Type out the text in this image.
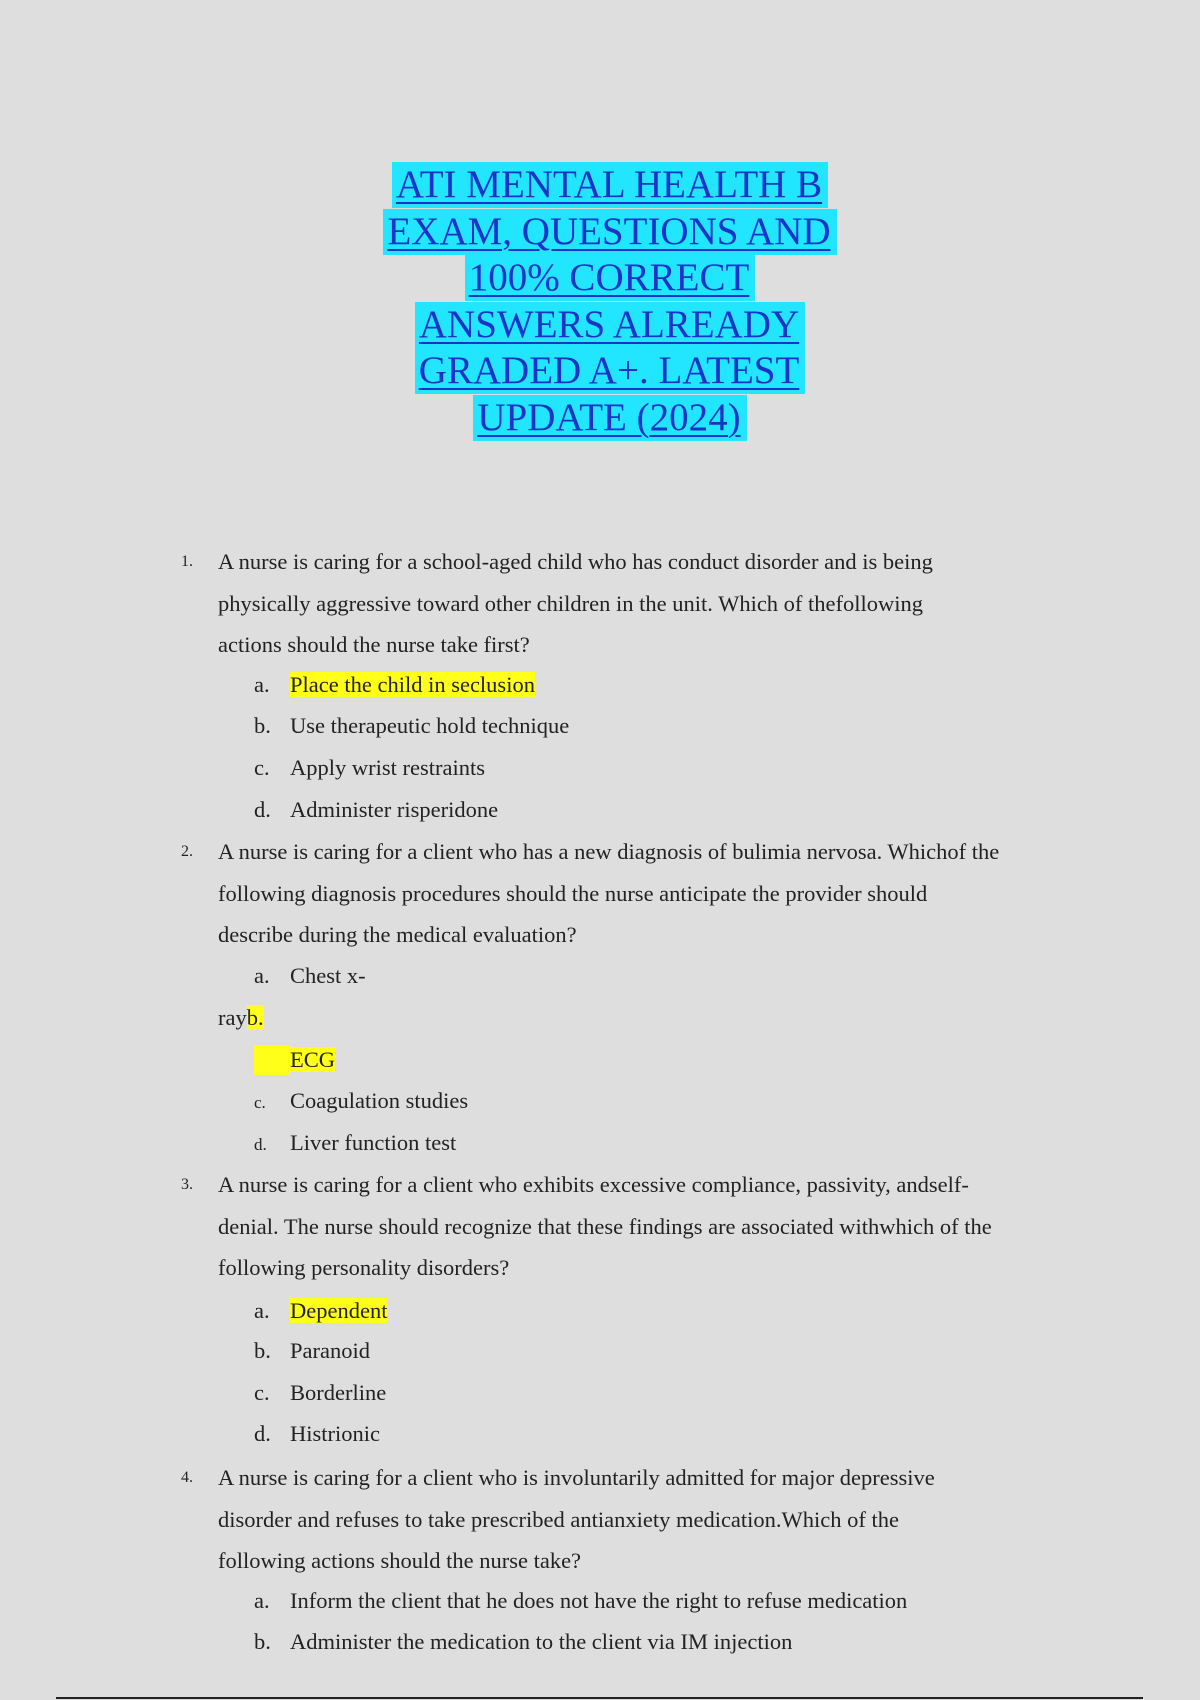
ATI MENTAL HEALTH B
EXAM, QUESTIONS AND
100% CORRECT
ANSWERS ALREADY
GRADED A+. LATEST
UPDATE (2024)
1. A nurse is caring for a school-aged child who has conduct disorder and is being
physically aggressive toward other children in the unit. Which of thefollowing
actions should the nurse take first?
a. Place the child in seclusion
b. Use therapeutic hold technique
c. Apply wrist restraints
d. Administer risperidone
2. A nurse is caring for a client who has a new diagnosis of bulimia nervosa. Whichof the
following diagnosis procedures should the nurse anticipate the provider should
describe during the medical evaluation?
a. Chest x-
rayb.
ECG
c. Coagulation studies
d. Liver function test
3. A nurse is caring for a client who exhibits excessive compliance, passivity, andself-
denial. The nurse should recognize that these findings are associated withwhich of the
following personality disorders?
a. Dependent
b. Paranoid
c. Borderline
d. Histrionic
4. A nurse is caring for a client who is involuntarily admitted for major depressive
disorder and refuses to take prescribed antianxiety medication.Which of the
following actions should the nurse take?
a. Inform the client that he does not have the right to refuse medication
b. Administer the medication to the client via IM injection
